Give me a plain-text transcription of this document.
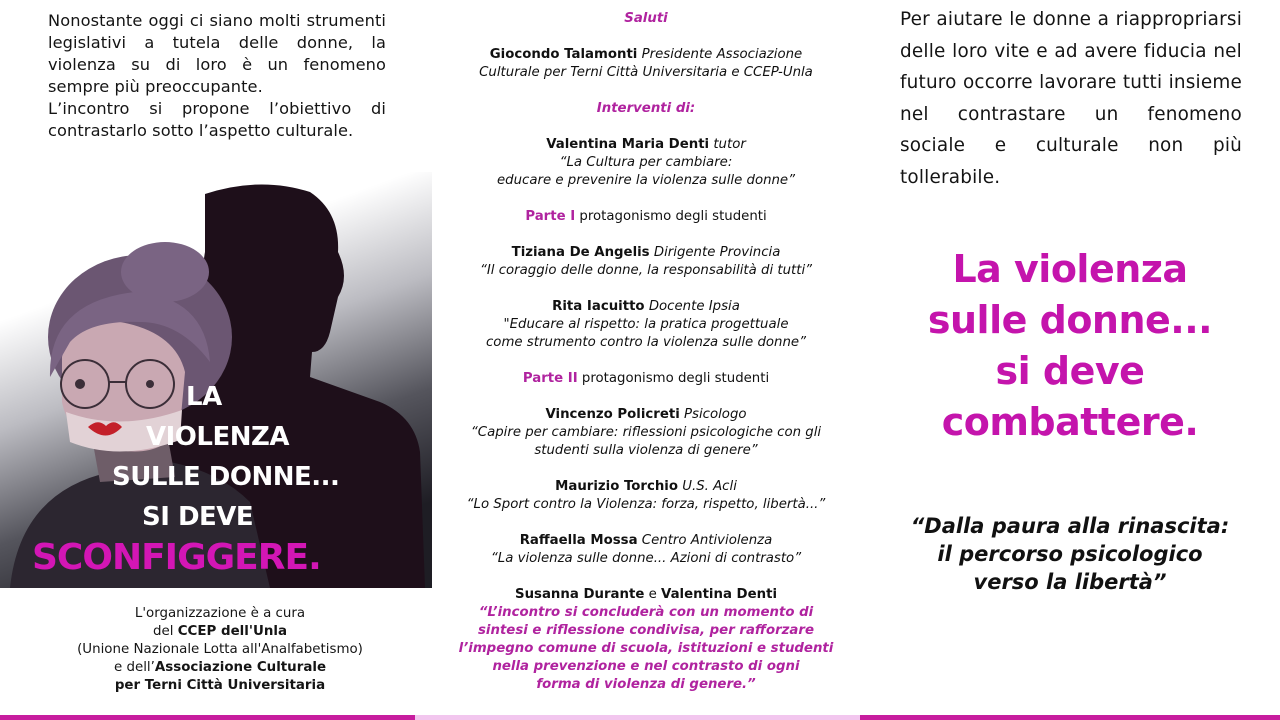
Nonostante oggi ci siano molti strumenti legislativi a tutela delle donne, la violenza su di loro è un fenomeno sempre più preoccupante.

L’incontro si propone l’obiettivo di contrastarlo sotto l’aspetto culturale.

LA
VIOLENZA
SULLE DONNE...
SI DEVE
SCONFIGGERE.
L'organizzazione è a cura
del CCEP dell'Unla
(Unione Nazionale Lotta all'Analfabetismo)
e dell’Associazione Culturale
per Terni Città Universitaria
Saluti
Giocondo Talamonti Presidente Associazione
Culturale per Terni Città Universitaria e CCEP-Unla
Interventi di:
Valentina Maria Denti tutor
“La Cultura per cambiare:
educare e prevenire la violenza sulle donne”
Parte I protagonismo degli studenti
Tiziana De Angelis Dirigente Provincia
“Il coraggio delle donne, la responsabilità di tutti”
Rita Iacuitto Docente Ipsia
"Educare al rispetto: la pratica progettuale
come strumento contro la violenza sulle donne”
Parte II protagonismo degli studenti
Vincenzo Policreti Psicologo
“Capire per cambiare: riflessioni psicologiche con gli
studenti sulla violenza di genere”
Maurizio Torchio U.S. Acli
“Lo Sport contro la Violenza: forza, rispetto, libertà...”
Raffaella Mossa Centro Antiviolenza
“La violenza sulle donne... Azioni di contrasto”
Susanna Durante e Valentina Denti
“L’incontro si concluderà con un momento di
sintesi e riflessione condivisa, per rafforzare
l’impegno comune di scuola, istituzioni e studenti
nella prevenzione e nel contrasto di ogni
forma di violenza di genere.”

Per aiutare le donne a riappropriarsi delle loro vite e ad avere fiducia nel futuro occorre lavorare tutti insieme nel contrastare un fenomeno sociale e culturale non più tollerabile.

La violenza
sulle donne...
si deve
combattere.
“Dalla paura alla rinascita:
il percorso psicologico
verso la libertà”
